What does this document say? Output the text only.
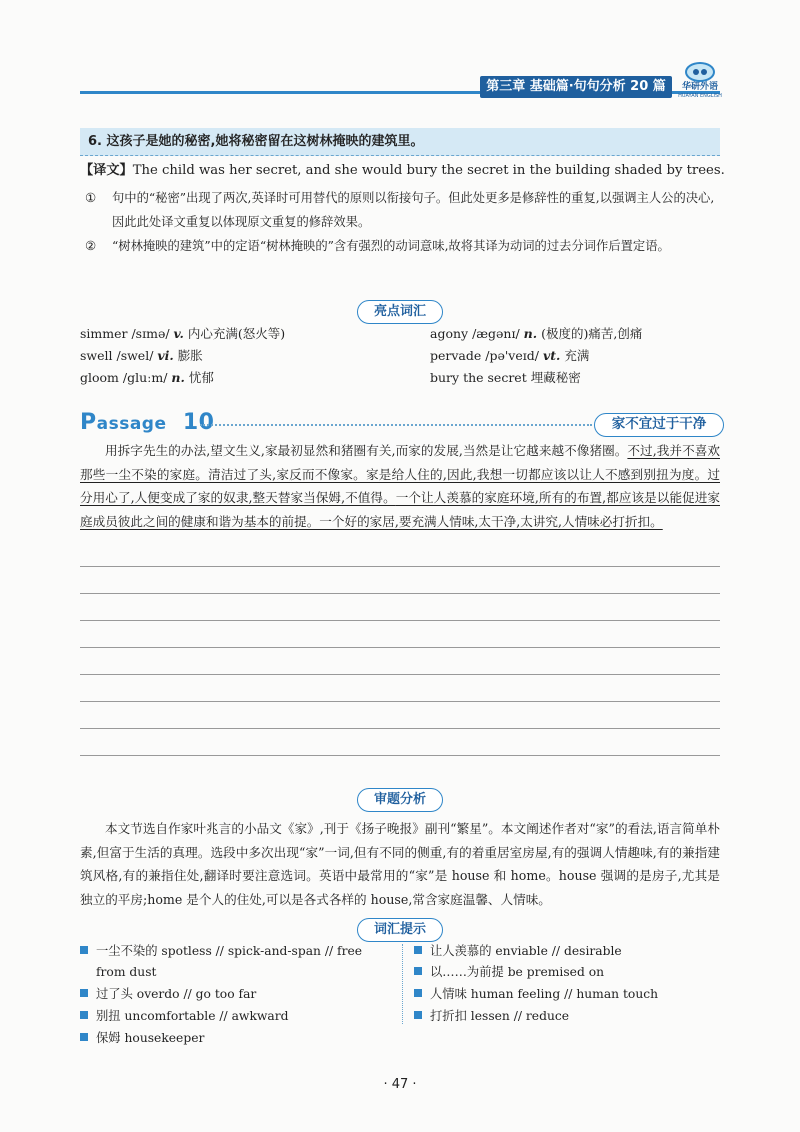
第三章 基础篇·句句分析 20 篇	华研外语
HUAYAN ENGLISH
6. 这孩子是她的秘密,她将秘密留在这树林掩映的建筑里。
【译文】The child was her secret, and she would bury the secret in the building shaded by trees.
①	句中的“秘密”出现了两次,英译时可用替代的原则以衔接句子。但此处更多是修辞性的重复,以强调主人公的决心,因此此处译文重复以体现原文重复的修辞效果。
②	“树林掩映的建筑”中的定语“树林掩映的”含有强烈的动词意味,故将其译为动词的过去分词作后置定语。
亮点词汇
simmer /sɪmə/ v. 内心充满(怒火等)	agony /ægənɪ/ n. (极度的)痛苦,创痛
swell /swel/ vi. 膨胀	pervade /pə'veɪd/ vt. 充满
gloom /gluːm/ n. 忧郁	bury the secret 埋藏秘密
Passage 10	家不宜过于干净
用拆字先生的办法,望文生义,家最初显然和猪圈有关,而家的发展,当然是让它越来越不像猪圈。不过,我并不喜欢那些一尘不染的家庭。清洁过了头,家反而不像家。家是给人住的,因此,我想一切都应该以让人不感到别扭为度。过分用心了,人便变成了家的奴隶,整天替家当保姆,不值得。一个让人羡慕的家庭环境,所有的布置,都应该是以能促进家庭成员彼此之间的健康和谐为基本的前提。一个好的家居,要充满人情味,太干净,太讲究,人情味必打折扣。
审题分析
本文节选自作家叶兆言的小品文《家》,刊于《扬子晚报》副刊“繁星”。本文阐述作者对“家”的看法,语言简单朴素,但富于生活的真理。选段中多次出现“家”一词,但有不同的侧重,有的着重居室房屋,有的强调人情趣味,有的兼指建筑风格,有的兼指住处,翻译时要注意选词。英语中最常用的“家”是 house 和 home。house 强调的是房子,尤其是独立的平房;home 是个人的住处,可以是各式各样的 house,常含家庭温馨、人情味。
词汇提示
一尘不染的 spotless // spick-and-span // free
from dust
过了头 overdo // go too far
别扭 uncomfortable // awkward
保姆 housekeeper
让人羡慕的 enviable // desirable
以……为前提 be premised on
人情味 human feeling // human touch
打折扣 lessen // reduce
· 47 ·
